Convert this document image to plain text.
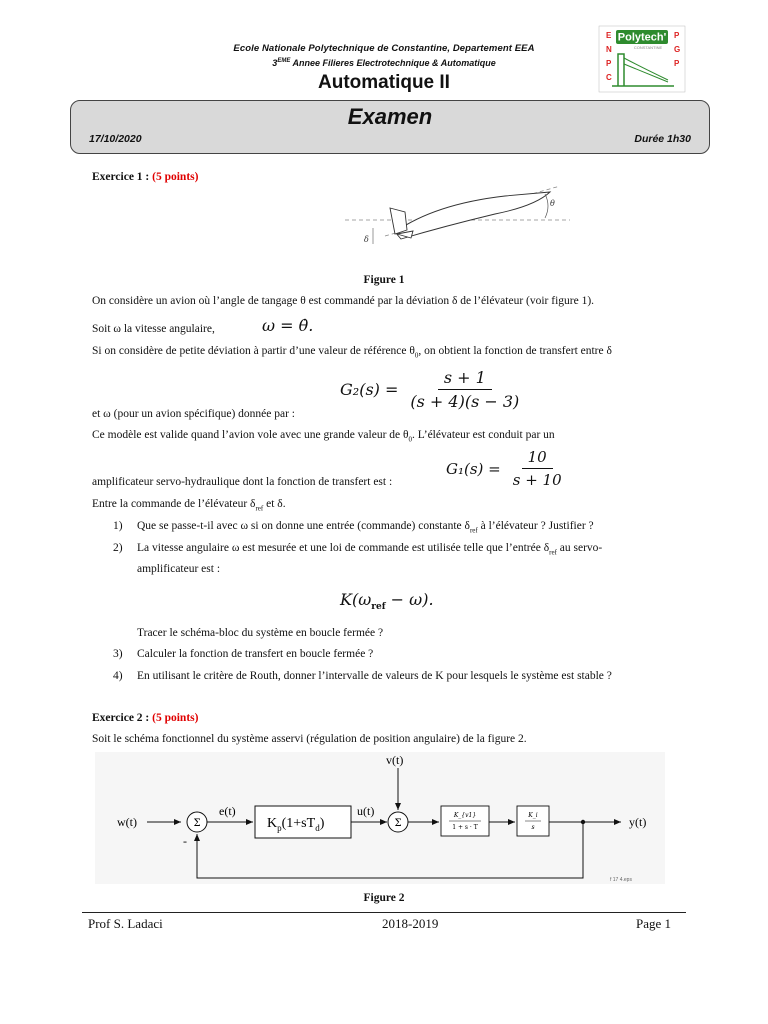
Ecole Nationale Polytechnique de Constantine, Departement EEA
3EME Annee Filieres Electrotechnique & Automatique
Automatique II
Polytech'
CONSTANTINE
E
N
P
C
P
G
P
Examen
17/10/2020	Durée 1h30
Exercice 1 : (5 points)
θ
δ
Figure 1
On considère un avion où l’angle de tangage θ est commandé par la déviation δ de l’élévateur (voir figure 1).
Soit ω la vitesse angulaire,	ω = θ̇.
Si on considère de petite déviation à partir d’une valeur de référence $\theta_0$, on obtient la fonction de transfert entre δ
$G_2(s) = \frac{s + 1}{(s + 4)(s - 3)}$
et ω (pour un avion spécifique) donnée par :
Ce modèle est valide quand l’avion vole avec une grande valeur de $\theta_0$. L’élévateur est conduit par un
$G_1(s) = \frac{10}{s + 10}$
amplificateur servo-hydraulique dont la fonction de transfert est :
Entre la commande de l’élévateur $\delta_{ref}$ et δ.
1) Que se passe-t-il avec ω si on donne une entrée (commande) constante $\delta_{ref}$ à l’élévateur ? Justifier ?
2) La vitesse angulaire ω est mesurée et une loi de commande est utilisée telle que l’entrée $\delta_{ref}$ au servo-
amplificateur est :
$K(\omega_{ref} - \omega)$.
Tracer le schéma-bloc du système en boucle fermée ?
3) Calculer la fonction de transfert en boucle fermée ?
4) En utilisant le critère de Routh, donner l’intervalle de valeurs de K pour lesquels le système est stable ?
Exercice 2 : (5 points)
Soit le schéma fonctionnel du système asservi (régulation de position angulaire) de la figure 2.
w(t)	Σ
-
e(t)
$K_p(1+sT_d)$
u(t)
Σ
v(t)
K_{v1}
1 + s · T
K_i
s	y(t)
f 17 4.eps
Figure 2
Prof S. Ladaci	2018-2019	Page 1
